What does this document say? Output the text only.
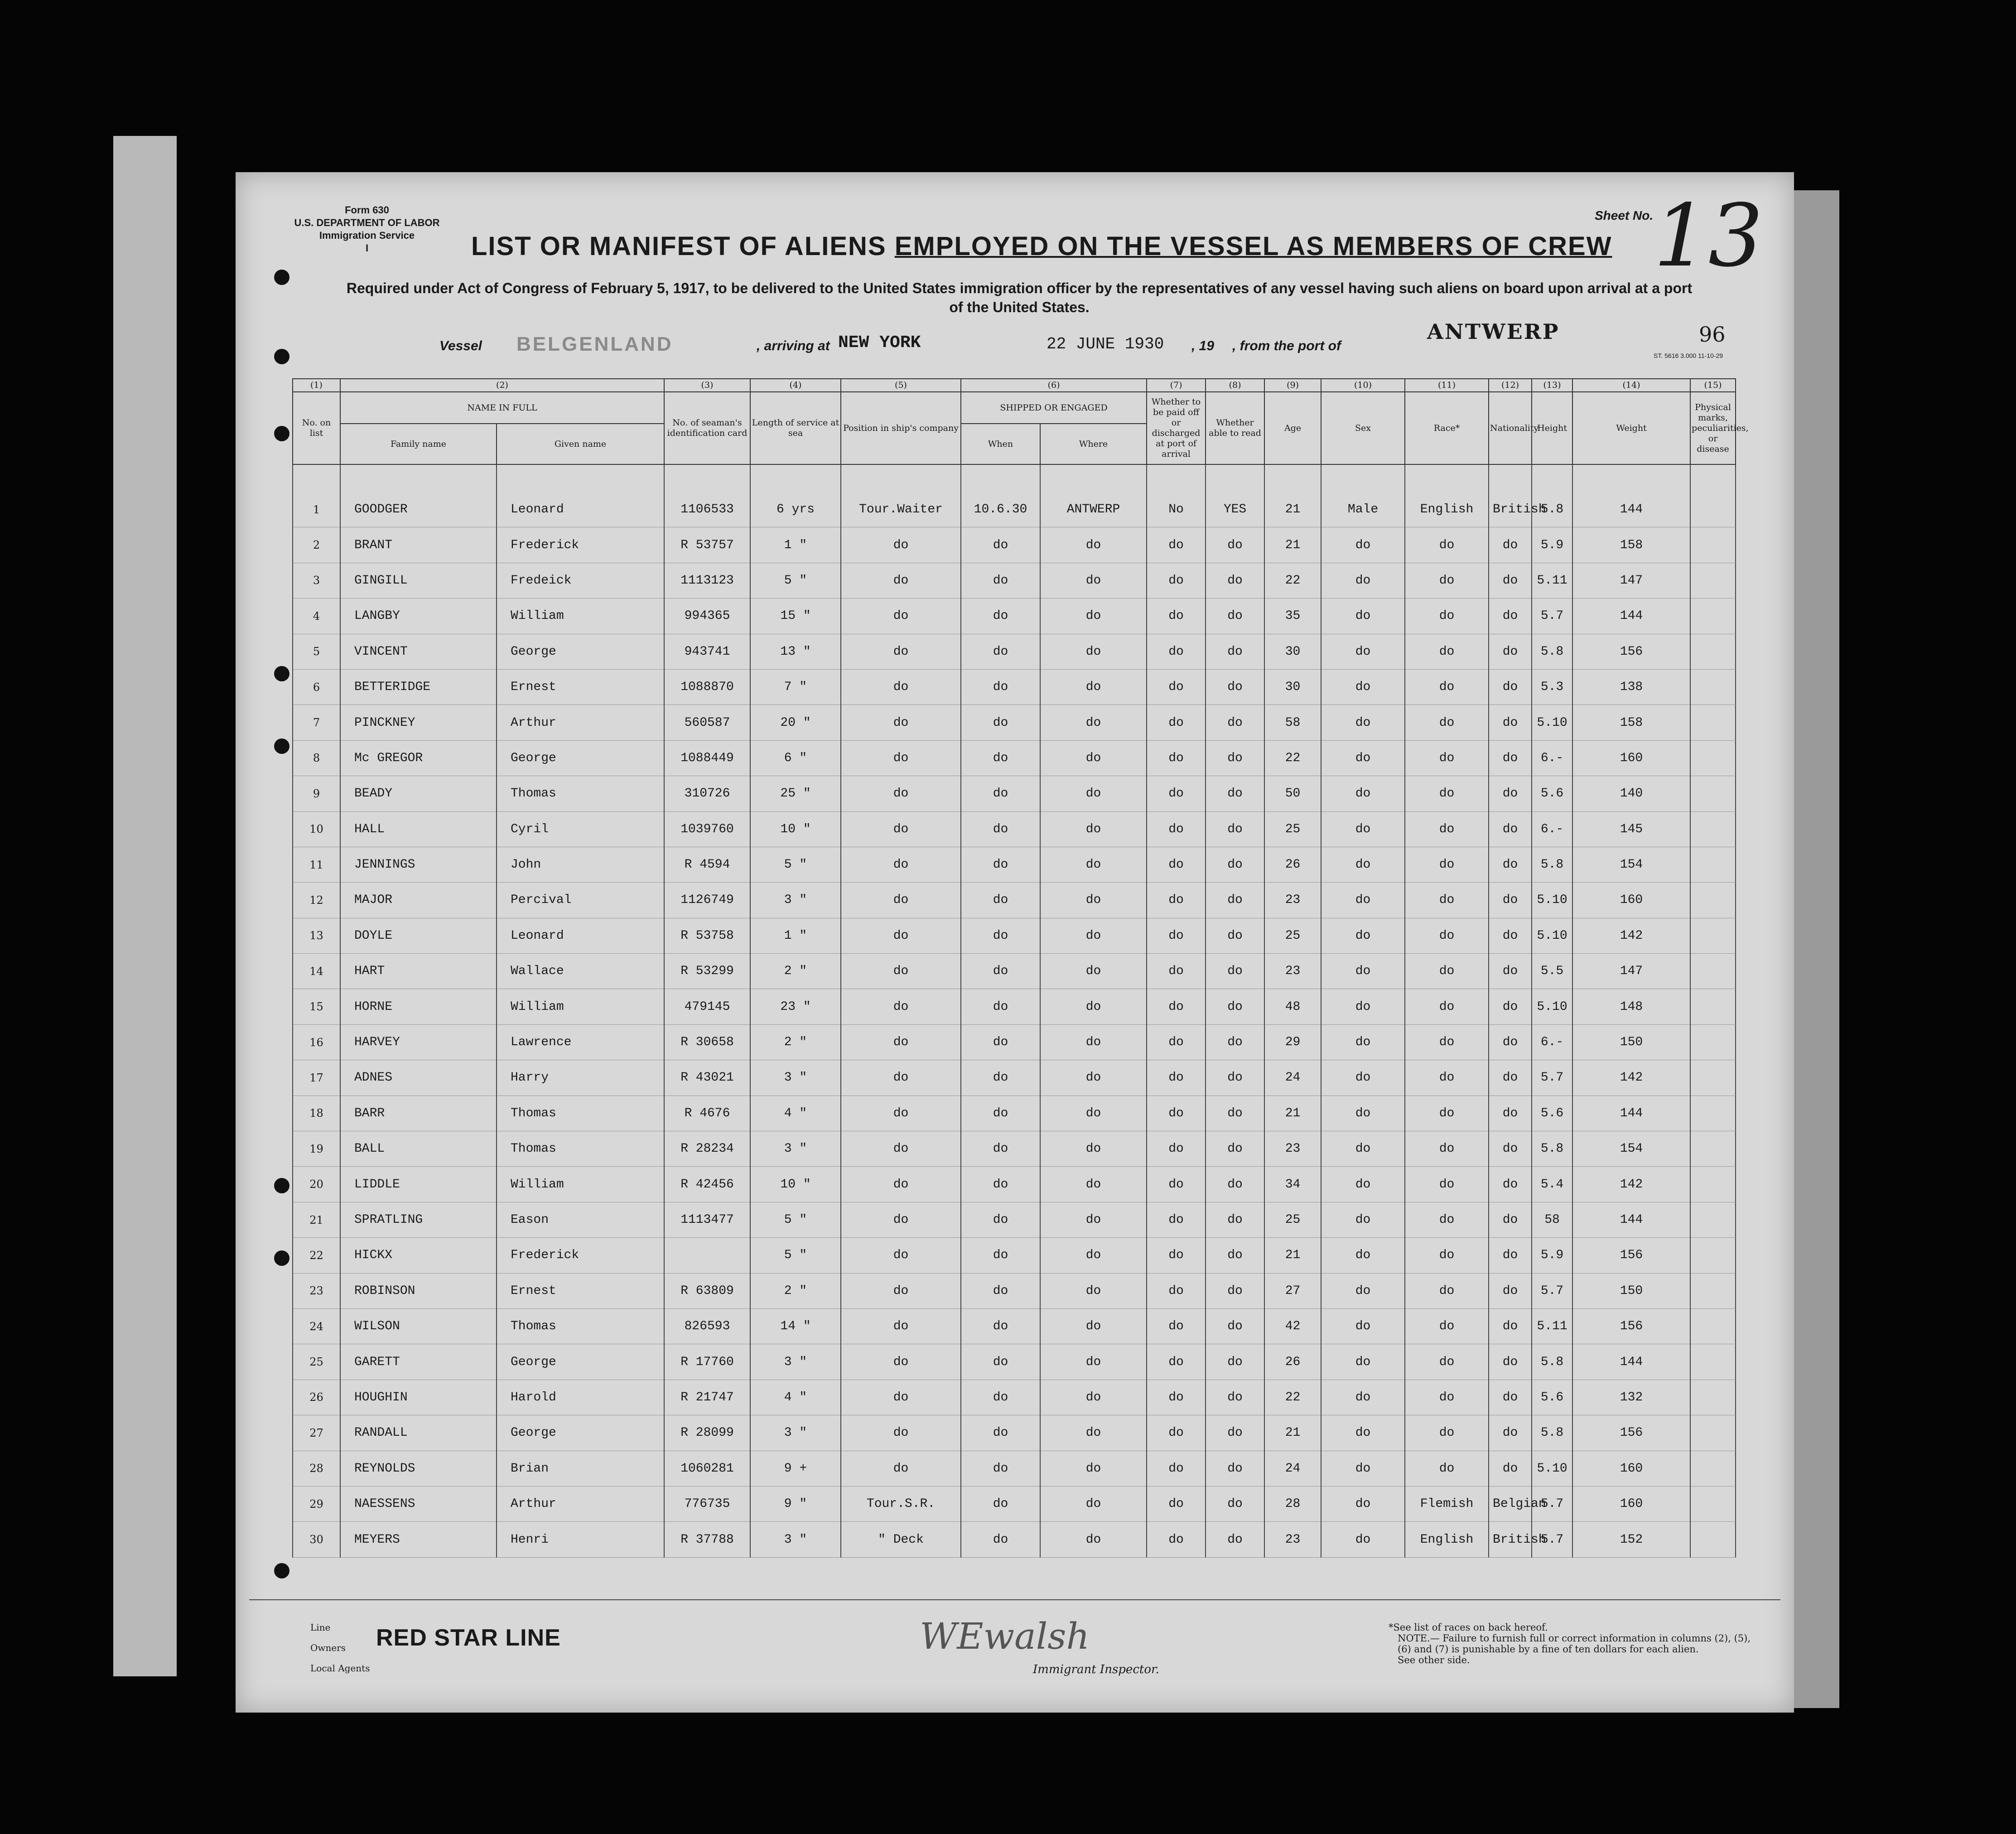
Form 630
U.S. DEPARTMENT OF LABOR
Immigration Service
I
Sheet No. 13
LIST OR MANIFEST OF ALIENS EMPLOYED ON THE VESSEL AS MEMBERS OF CREW
Required under Act of Congress of February 5, 1917, to be delivered to the United States immigration officer by the representatives of any vessel having such aliens on board upon arrival at a port of the United States.
Vessel BELGENLAND	, arriving at NEW YORK	22 JUNE 1930 , 19 , from the port of
ANTWERP	96
ST. 5616 3.000 11-10-29
(1)	(2)		(3)	(4)	(5)	(6)		(7)	(8)	(9)	(10)	(11)	(12)	(13)	(14)	(15)
No. on list	NAME IN FULL		No. of seaman's identification card	Length of service at sea	Position in ship's company	SHIPPED OR ENGAGED		Whether to be paid off or discharged at port of arrival	Whether able to read	Age	Sex	Race*	Nationality	Height	Weight	Physical marks, peculiarities, or disease
	Family name	Given name				When	Where									

1	GOODGER	Leonard	1106533	6 yrs	Tour.Waiter	10.6.30	ANTWERP	No	YES	21	Male	English	British	5.8	144	
2	BRANT	Frederick	R 53757	1 "	do	do	do	do	do	21	do	do	do	5.9	158	
3	GINGILL	Fredeick	1113123	5 "	do	do	do	do	do	22	do	do	do	5.11	147	
4	LANGBY	William	994365	15 "	do	do	do	do	do	35	do	do	do	5.7	144	
5	VINCENT	George	943741	13 "	do	do	do	do	do	30	do	do	do	5.8	156	
6	BETTERIDGE	Ernest	1088870	7 "	do	do	do	do	do	30	do	do	do	5.3	138	
7	PINCKNEY	Arthur	560587	20 "	do	do	do	do	do	58	do	do	do	5.10	158	
8	Mc GREGOR	George	1088449	6 "	do	do	do	do	do	22	do	do	do	6.-	160	
9	BEADY	Thomas	310726	25 "	do	do	do	do	do	50	do	do	do	5.6	140	
10	HALL	Cyril	1039760	10 "	do	do	do	do	do	25	do	do	do	6.-	145	
11	JENNINGS	John	R 4594	5 "	do	do	do	do	do	26	do	do	do	5.8	154	
12	MAJOR	Percival	1126749	3 "	do	do	do	do	do	23	do	do	do	5.10	160	
13	DOYLE	Leonard	R 53758	1 "	do	do	do	do	do	25	do	do	do	5.10	142	
14	HART	Wallace	R 53299	2 "	do	do	do	do	do	23	do	do	do	5.5	147	
15	HORNE	William	479145	23 "	do	do	do	do	do	48	do	do	do	5.10	148	
16	HARVEY	Lawrence	R 30658	2 "	do	do	do	do	do	29	do	do	do	6.-	150	
17	ADNES	Harry	R 43021	3 "	do	do	do	do	do	24	do	do	do	5.7	142	
18	BARR	Thomas	R 4676	4 "	do	do	do	do	do	21	do	do	do	5.6	144	
19	BALL	Thomas	R 28234	3 "	do	do	do	do	do	23	do	do	do	5.8	154	
20	LIDDLE	William	R 42456	10 "	do	do	do	do	do	34	do	do	do	5.4	142	
21	SPRATLING	Eason	1113477	5 "	do	do	do	do	do	25	do	do	do	58	144	
22	HICKX	Frederick		5 "	do	do	do	do	do	21	do	do	do	5.9	156	
23	ROBINSON	Ernest	R 63809	2 "	do	do	do	do	do	27	do	do	do	5.7	150	
24	WILSON	Thomas	826593	14 "	do	do	do	do	do	42	do	do	do	5.11	156	
25	GARETT	George	R 17760	3 "	do	do	do	do	do	26	do	do	do	5.8	144	
26	HOUGHIN	Harold	R 21747	4 "	do	do	do	do	do	22	do	do	do	5.6	132	
27	RANDALL	George	R 28099	3 "	do	do	do	do	do	21	do	do	do	5.8	156	
28	REYNOLDS	Brian	1060281	9 +	do	do	do	do	do	24	do	do	do	5.10	160	
29	NAESSENS	Arthur	776735	9 "	Tour.S.R.	do	do	do	do	28	do	Flemish	Belgian	5.7	160	
30	MEYERS	Henri	R 37788	3 "	" Deck	do	do	do	do	23	do	English	British	5.7	152	
Line
Owners
Local Agents
RED STAR LINE	WEwalsh
Immigrant Inspector.
*See list of races on back hereof.
NOTE.— Failure to furnish full or correct information in columns (2), (5), (6) and (7) is punishable by a fine of ten dollars for each alien.
See other side.
